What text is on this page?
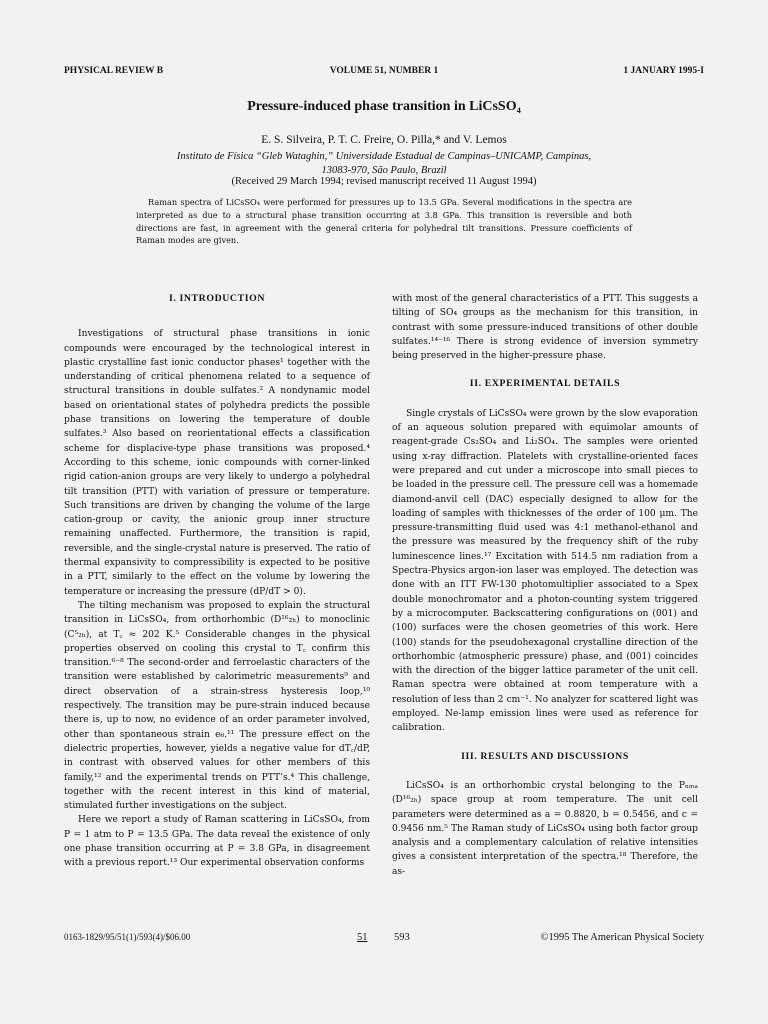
PHYSICAL REVIEW B	VOLUME 51, NUMBER 1	1 JANUARY 1995-I
Pressure-induced phase transition in LiCsSO₄
E. S. Silveira, P. T. C. Freire, O. Pilla,* and V. Lemos
Instituto de Física “Gleb Wataghin,” Universidade Estadual de Campinas–UNICAMP, Campinas,
13083-970, São Paulo, Brazil
(Received 29 March 1994; revised manuscript received 11 August 1994)
Raman spectra of LiCsSO₄ were performed for pressures up to 13.5 GPa. Several modifications in the spectra are interpreted as due to a structural phase transition occurring at 3.8 GPa. This transition is reversible and both directions are fast, in agreement with the general criteria for polyhedral tilt transitions. Pressure coefficients of Raman modes are given.
I. INTRODUCTION

Investigations of structural phase transitions in ionic compounds were encouraged by the technological interest in plastic crystalline fast ionic conductor phases¹ together with the understanding of critical phenomena related to a sequence of structural transitions in double sulfates.² A nondynamic model based on orientational states of polyhedra predicts the possible phase transitions on lowering the temperature of double sulfates.³ Also based on reorientational effects a classification scheme for displacive-type phase transitions was proposed.⁴ According to this scheme, ionic compounds with corner-linked rigid cation-anion groups are very likely to undergo a polyhedral tilt transition (PTT) with variation of pressure or temperature. Such transitions are driven by changing the volume of the large cation-group or cavity, the anionic group inner structure remaining unaffected. Furthermore, the transition is rapid, reversible, and the single-crystal nature is preserved. The ratio of thermal expansivity to compressibility is expected to be positive in a PTT, similarly to the effect on the volume by lowering the temperature or increasing the pressure (dP/dT > 0).

The tilting mechanism was proposed to explain the structural transition in LiCsSO₄, from orthorhombic (D¹⁶₂ₕ) to monoclinic (C⁵₂ₕ), at T꜀ ≈ 202 K.⁵ Considerable changes in the physical properties observed on cooling this crystal to T꜀ confirm this transition.⁶⁻⁸ The second-order and ferroelastic characters of the transition were established by calorimetric measurements⁹ and direct observation of a strain-stress hysteresis loop,¹⁰ respectively. The transition may be pure-strain induced because there is, up to now, no evidence of an order parameter involved, other than spontaneous strain e₆.¹¹ The pressure effect on the dielectric properties, however, yields a negative value for dT꜀/dP, in contrast with observed values for other members of this family,¹² and the experimental trends on PTT’s.⁴ This challenge, together with the recent interest in this kind of material, stimulated further investigations on the subject.

Here we report a study of Raman scattering in LiCsSO₄, from P = 1 atm to P = 13.5 GPa. The data reveal the existence of only one phase transition occurring at P = 3.8 GPa, in disagreement with a previous report.¹³ Our experimental observation conforms

with most of the general characteristics of a PTT. This suggests a tilting of SO₄ groups as the mechanism for this transition, in contrast with some pressure-induced transitions of other double sulfates.¹⁴⁻¹⁶ There is strong evidence of inversion symmetry being preserved in the higher-pressure phase.

II. EXPERIMENTAL DETAILS

Single crystals of LiCsSO₄ were grown by the slow evaporation of an aqueous solution prepared with equimolar amounts of reagent-grade Cs₂SO₄ and Li₂SO₄. The samples were oriented using x-ray diffraction. Platelets with crystalline-oriented faces were prepared and cut under a microscope into small pieces to be loaded in the pressure cell. The pressure cell was a homemade diamond-anvil cell (DAC) especially designed to allow for the loading of samples with thicknesses of the order of 100 μm. The pressure-transmitting fluid used was 4:1 methanol-ethanol and the pressure was measured by the frequency shift of the ruby luminescence lines.¹⁷ Excitation with 514.5 nm radiation from a Spectra-Physics argon-ion laser was employed. The detection was done with an ITT FW-130 photomultiplier associated to a Spex double monochromator and a photon-counting system triggered by a microcomputer. Backscattering configurations on (001) and (100) surfaces were the chosen geometries of this work. Here (100) stands for the pseudohexagonal crystalline direction of the orthorhombic (atmospheric pressure) phase, and (001) coincides with the direction of the bigger lattice parameter of the unit cell. Raman spectra were obtained at room temperature with a resolution of less than 2 cm⁻¹. No analyzer for scattered light was employed. Ne-lamp emission lines were used as reference for calibration.

III. RESULTS AND DISCUSSIONS

LiCsSO₄ is an orthorhombic crystal belonging to the Pₙₘₐ (D¹⁶₂ₕ) space group at room temperature. The unit cell parameters were determined as a = 0.8820, b = 0.5456, and c = 0.9456 nm.⁵ The Raman study of LiCsSO₄ using both factor group analysis and a complementary calculation of relative intensities gives a consistent interpretation of the spectra.¹⁸ Therefore, the as-

0163-1829/95/51(1)/593(4)/$06.00	51	593	©1995 The American Physical Society
